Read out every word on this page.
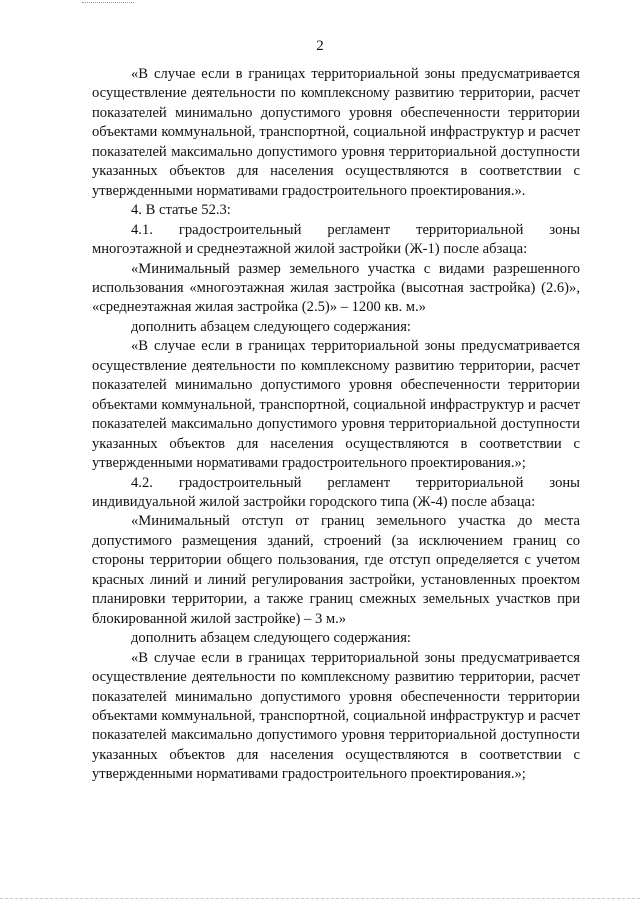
2

«В случае если в границах территориальной зоны предусматривается осуществление деятельности по комплексному развитию территории, расчет показателей минимально допустимого уровня обеспеченности территории объектами коммунальной, транспортной, социальной инфраструктур и расчет показателей максимально допустимого уровня территориальной доступности указанных объектов для населения осуществляются в соответствии с утвержденными нормативами градостроительного проектирования.».

4. В статье 52.3:

4.1. градостроительный регламент территориальной зоны многоэтажной и среднеэтажной жилой застройки (Ж-1) после абзаца:

«Минимальный размер земельного участка с видами разрешенного использования «многоэтажная жилая застройка (высотная застройка) (2.6)», «среднеэтажная жилая застройка (2.5)» – 1200 кв. м.»

дополнить абзацем следующего содержания:

«В случае если в границах территориальной зоны предусматривается осуществление деятельности по комплексному развитию территории, расчет показателей минимально допустимого уровня обеспеченности территории объектами коммунальной, транспортной, социальной инфраструктур и расчет показателей максимально допустимого уровня территориальной доступности указанных объектов для населения осуществляются в соответствии с утвержденными нормативами градостроительного проектирования.»;

4.2. градостроительный регламент территориальной зоны индивидуальной жилой застройки городского типа (Ж-4) после абзаца:

«Минимальный отступ от границ земельного участка до места допустимого размещения зданий, строений (за исключением границ со стороны территории общего пользования, где отступ определяется с учетом красных линий и линий регулирования застройки, установленных проектом планировки территории, а также границ смежных земельных участков при блокированной жилой застройке) – 3 м.»

дополнить абзацем следующего содержания:

«В случае если в границах территориальной зоны предусматривается осуществление деятельности по комплексному развитию территории, расчет показателей минимально допустимого уровня обеспеченности территории объектами коммунальной, транспортной, социальной инфраструктур и расчет показателей максимально допустимого уровня территориальной доступности указанных объектов для населения осуществляются в соответствии с утвержденными нормативами градостроительного проектирования.»;
